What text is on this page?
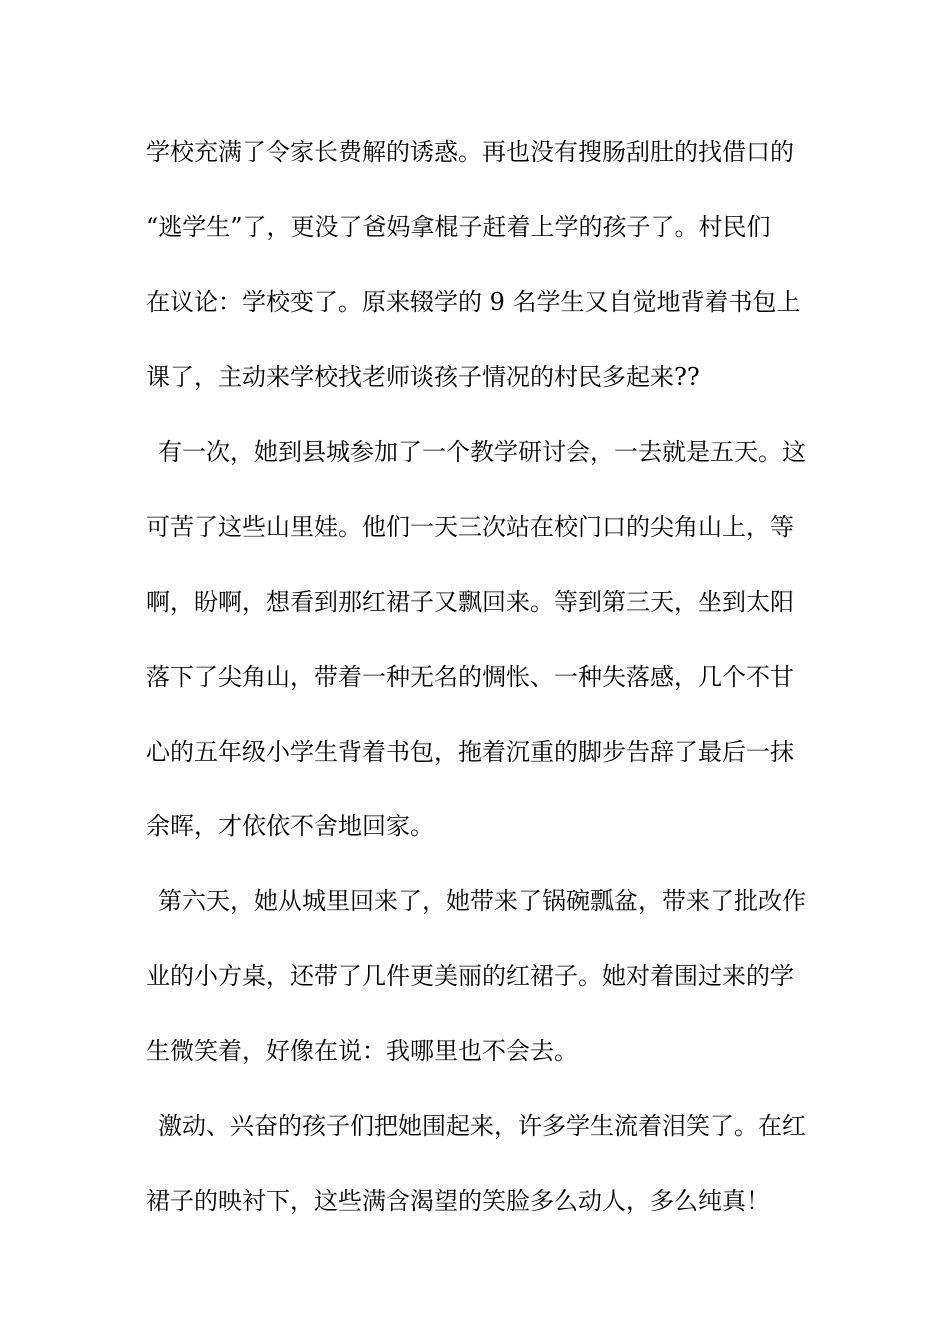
学校充满了令家长费解的诱惑。再也没有搜肠刮肚的找借口的
“逃学生”了，更没了爸妈拿棍子赶着上学的孩子了。村民们
在议论：学校变了。原来辍学的 9 名学生又自觉地背着书包上
课了，主动来学校找老师谈孩子情况的村民多起来??
有一次，她到县城参加了一个教学研讨会，一去就是五天。这
可苦了这些山里娃。他们一天三次站在校门口的尖角山上，等
啊，盼啊，想看到那红裙子又飘回来。等到第三天，坐到太阳
落下了尖角山，带着一种无名的惆怅、一种失落感，几个不甘
心的五年级小学生背着书包，拖着沉重的脚步告辞了最后一抹
余晖，才依依不舍地回家。
第六天，她从城里回来了，她带来了锅碗瓢盆，带来了批改作
业的小方桌，还带了几件更美丽的红裙子。她对着围过来的学
生微笑着，好像在说：我哪里也不会去。
激动、兴奋的孩子们把她围起来，许多学生流着泪笑了。在红
裙子的映衬下，这些满含渴望的笑脸多么动人，多么纯真！
